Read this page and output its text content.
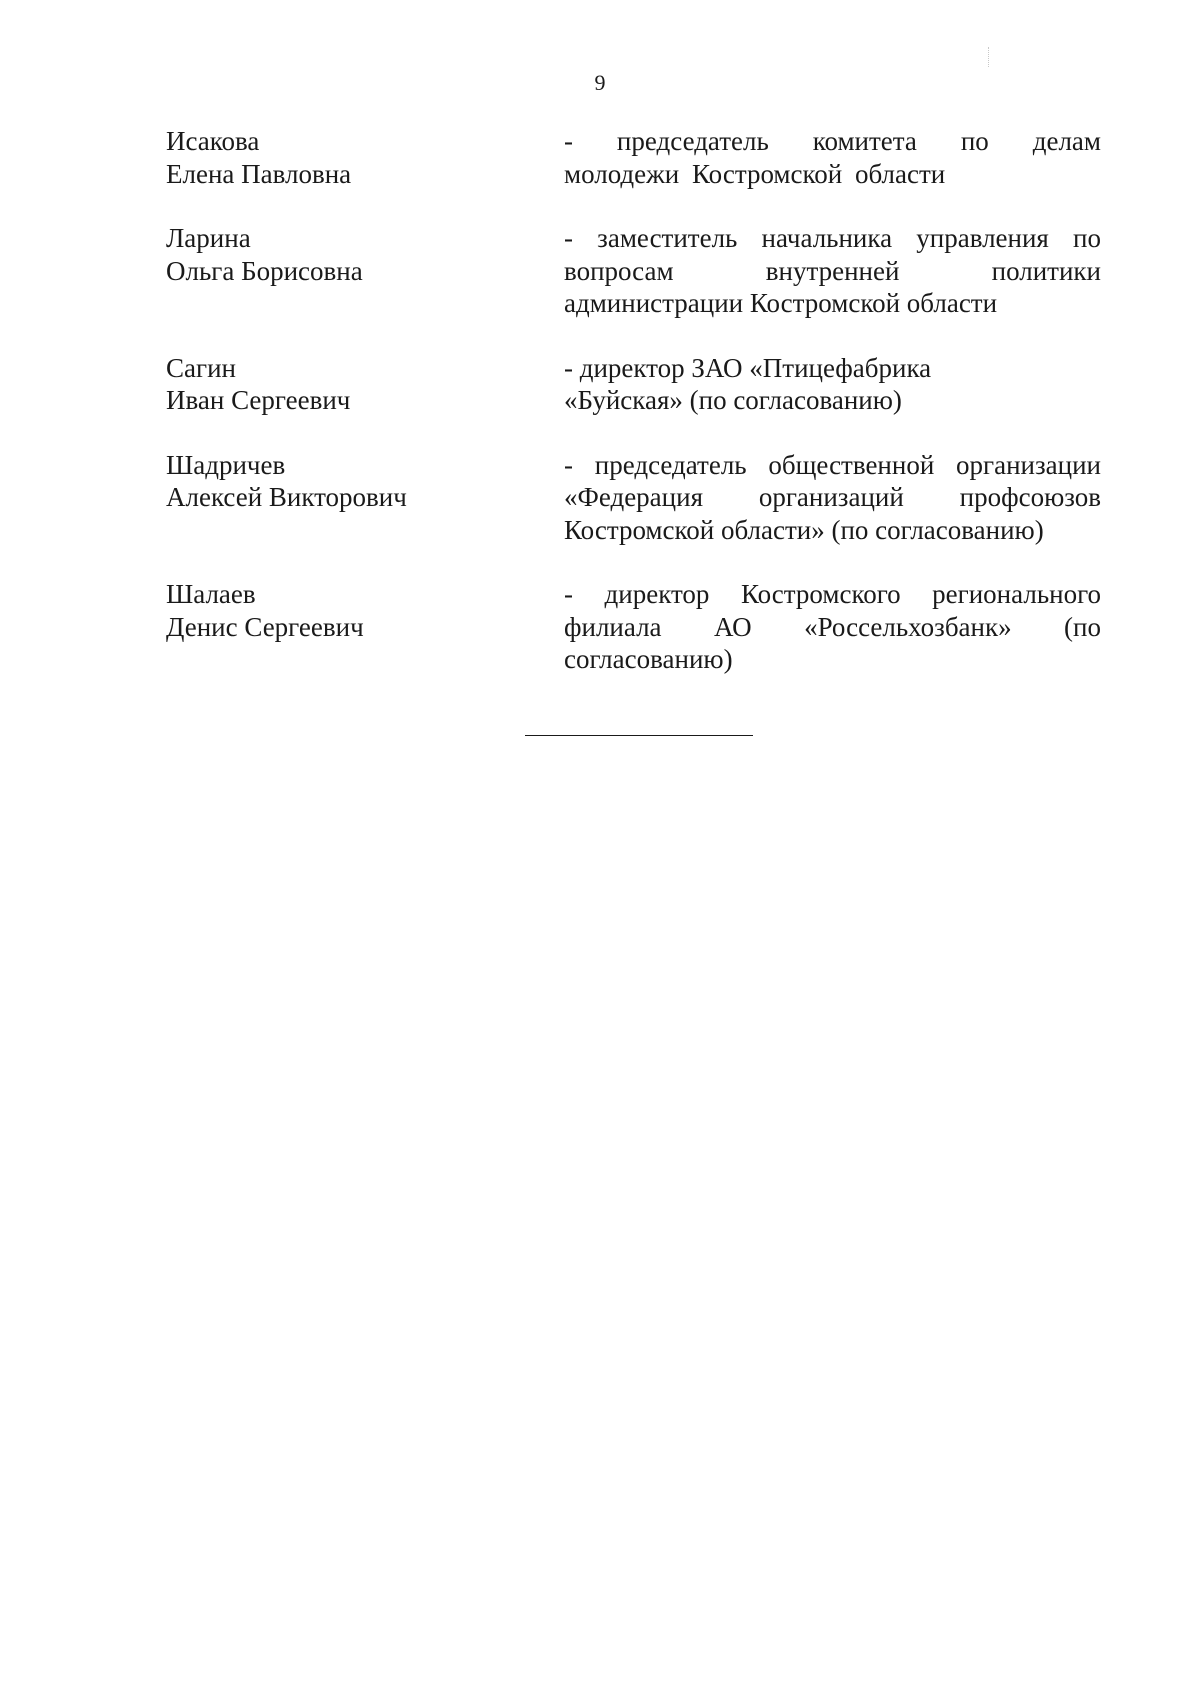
9
Исакова
Елена Павловна
- председатель комитета по делам молодежи Костромской области
Ларина
Ольга Борисовна
- заместитель начальника управления по вопросам внутренней политики администрации Костромской области
Сагин
Иван Сергеевич
- директор ЗАО «Птицефабрика «Буйская» (по согласованию)
Шадричев
Алексей Викторович
- председатель общественной организации «Федерация организаций профсоюзов Костромской области» (по согласованию)
Шалаев
Денис Сергеевич
- директор Костромского регионального филиала АО «Россельхозбанк» (по согласованию)
